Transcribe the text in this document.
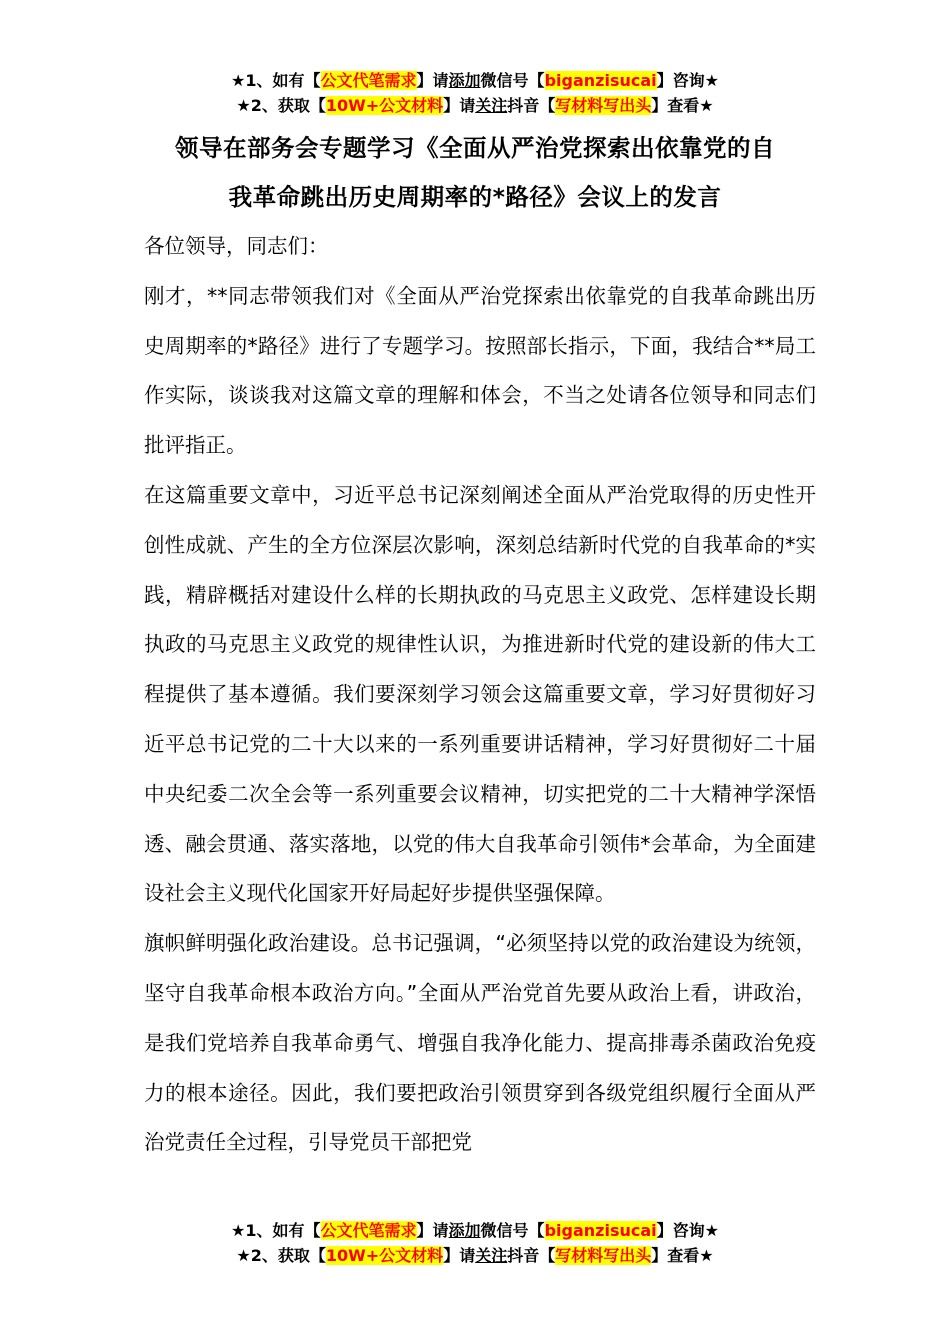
★1、如有【公文代笔需求】请添加微信号【biganzisucai】咨询★
★2、获取【10W+公文材料】请关注抖音【写材料写出头】查看★
领导在部务会专题学习《全面从严治党探索出依靠党的自
我革命跳出历史周期率的*路径》会议上的发言

各位领导，同志们：

刚才，**同志带领我们对《全面从严治党探索出依靠党的自我革命跳出历史周期率的*路径》进行了专题学习。按照部长指示，下面，我结合**局工作实际，谈谈我对这篇文章的理解和体会，不当之处请各位领导和同志们批评指正。

在这篇重要文章中，习近平总书记深刻阐述全面从严治党取得的历史性开创性成就、产生的全方位深层次影响，深刻总结新时代党的自我革命的*实践，精辟概括对建设什么样的长期执政的马克思主义政党、怎样建设长期执政的马克思主义政党的规律性认识，为推进新时代党的建设新的伟大工程提供了基本遵循。我们要深刻学习领会这篇重要文章，学习好贯彻好习近平总书记党的二十大以来的一系列重要讲话精神，学习好贯彻好二十届中央纪委二次全会等一系列重要会议精神，切实把党的二十大精神学深悟透、融会贯通、落实落地，以党的伟大自我革命引领伟*会革命，为全面建设社会主义现代化国家开好局起好步提供坚强保障。

旗帜鲜明强化政治建设。总书记强调，“必须坚持以党的政治建设为统领，坚守自我革命根本政治方向。”全面从严治党首先要从政治上看，讲政治，是我们党培养自我革命勇气、增强自我净化能力、提高排毒杀菌政治免疫力的根本途径。因此，我们要把政治引领贯穿到各级党组织履行全面从严治党责任全过程，引导党员干部把党

★1、如有【公文代笔需求】请添加微信号【biganzisucai】咨询★
★2、获取【10W+公文材料】请关注抖音【写材料写出头】查看★
